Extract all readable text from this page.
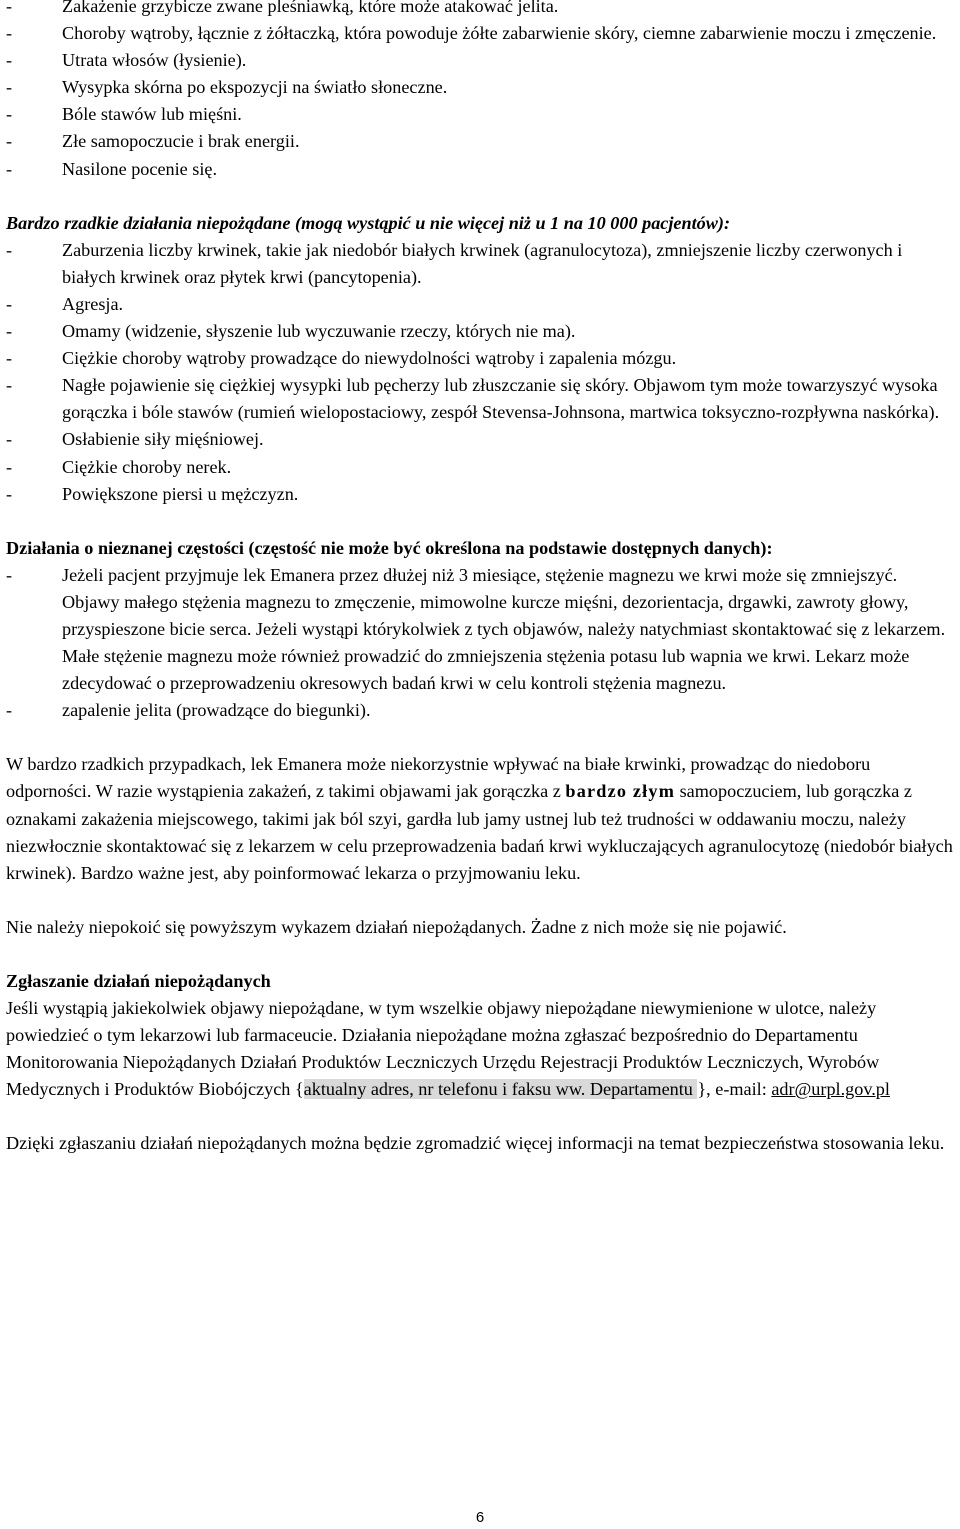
-	Zakażenie grzybicze zwane pleśniawką, które może atakować jelita.
-	Choroby wątroby, łącznie z żółtaczką, która powoduje żółte zabarwienie skóry, ciemne zabarwienie moczu i zmęczenie.
-	Utrata włosów (łysienie).
-	Wysypka skórna po ekspozycji na światło słoneczne.
-	Bóle stawów lub mięśni.
-	Złe samopoczucie i brak energii.
-	Nasilone pocenie się.
Bardzo rzadkie działania niepożądane (mogą wystąpić u nie więcej niż u 1 na 10 000 pacjentów):
-	Zaburzenia liczby krwinek, takie jak niedobór białych krwinek (agranulocytoza), zmniejszenie liczby czerwonych i białych krwinek oraz płytek krwi (pancytopenia).
-	Agresja.
-	Omamy (widzenie, słyszenie lub wyczuwanie rzeczy, których nie ma).
-	Ciężkie choroby wątroby prowadzące do niewydolności wątroby i zapalenia mózgu.
-	Nagłe pojawienie się ciężkiej wysypki lub pęcherzy lub złuszczanie się skóry. Objawom tym może towarzyszyć wysoka gorączka i bóle stawów (rumień wielopostaciowy, zespół Stevensa-Johnsona, martwica toksyczno-rozpływna naskórka).
-	Osłabienie siły mięśniowej.
-	Ciężkie choroby nerek.
-	Powiększone piersi u mężczyzn.
Działania o nieznanej częstości (częstość nie może być określona na podstawie dostępnych danych):
-	Jeżeli pacjent przyjmuje lek Emanera przez dłużej niż 3 miesiące, stężenie magnezu we krwi może się zmniejszyć. Objawy małego stężenia magnezu to zmęczenie, mimowolne kurcze mięśni, dezorientacja, drgawki, zawroty głowy, przyspieszone bicie serca. Jeżeli wystąpi którykolwiek z tych objawów, należy natychmiast skontaktować się z lekarzem. Małe stężenie magnezu może również prowadzić do zmniejszenia stężenia potasu lub wapnia we krwi. Lekarz może zdecydować o przeprowadzeniu okresowych badań krwi w celu kontroli stężenia magnezu.
-	zapalenie jelita (prowadzące do biegunki).

W bardzo rzadkich przypadkach, lek Emanera może niekorzystnie wpływać na białe krwinki, prowadząc do niedoboru odporności. W razie wystąpienia zakażeń, z takimi objawami jak gorączka z bardzo złym samopoczuciem, lub gorączka z oznakami zakażenia miejscowego, takimi jak ból szyi, gardła lub jamy ustnej lub też trudności w oddawaniu moczu, należy niezwłocznie skontaktować się z lekarzem w celu przeprowadzenia badań krwi wykluczających agranulocytozę (niedobór białych krwinek). Bardzo ważne jest, aby poinformować lekarza o przyjmowaniu leku.

Nie należy niepokoić się powyższym wykazem działań niepożądanych. Żadne z nich może się nie pojawić.

Zgłaszanie działań niepożądanych

Jeśli wystąpią jakiekolwiek objawy niepożądane, w tym wszelkie objawy niepożądane niewymienione w ulotce, należy powiedzieć o tym lekarzowi lub farmaceucie. Działania niepożądane można zgłaszać bezpośrednio do Departamentu Monitorowania Niepożądanych Działań Produktów Leczniczych Urzędu Rejestracji Produktów Leczniczych, Wyrobów Medycznych i Produktów Biobójczych {aktualny adres, nr telefonu i faksu ww. Departamentu }, e-mail: adr@urpl.gov.pl

Dzięki zgłaszaniu działań niepożądanych można będzie zgromadzić więcej informacji na temat bezpieczeństwa stosowania leku.

6
